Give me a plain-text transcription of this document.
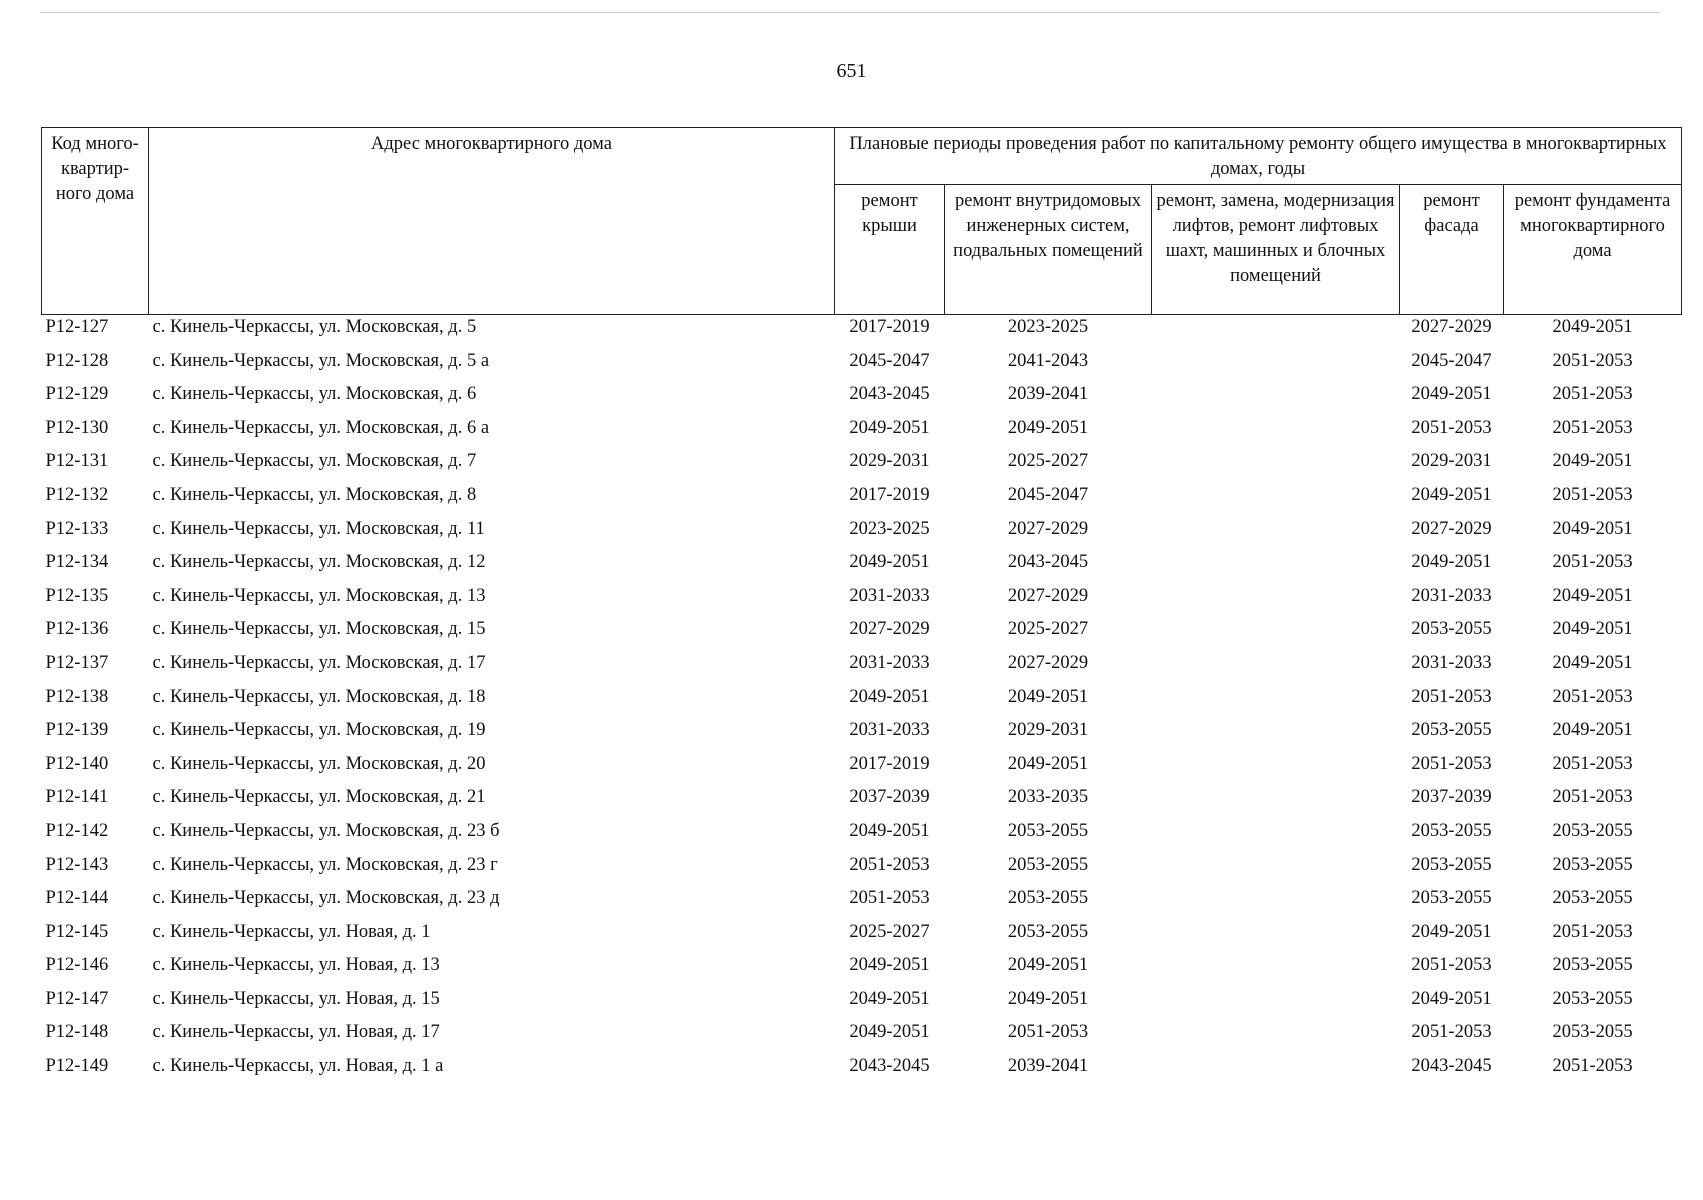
651
Код много-квартир-ного дома	Адрес многоквартирного дома	Плановые периоды проведения работ по капитальному ремонту общего имущества в многоквартирных домах, годы				
		ремонт крыши	ремонт внутридомовых инженерных систем, подвальных помещений	ремонт, замена, модернизация лифтов, ремонт лифтовых шахт, машинных и блочных помещений	ремонт фасада	ремонт фундамента многоквартирного дома
Р12-127	с. Кинель-Черкассы, ул. Московская, д. 5	2017-2019	2023-2025		2027-2029	2049-2051
Р12-128	с. Кинель-Черкассы, ул. Московская, д. 5 а	2045-2047	2041-2043		2045-2047	2051-2053
Р12-129	с. Кинель-Черкассы, ул. Московская, д. 6	2043-2045	2039-2041		2049-2051	2051-2053
Р12-130	с. Кинель-Черкассы, ул. Московская, д. 6 а	2049-2051	2049-2051		2051-2053	2051-2053
Р12-131	с. Кинель-Черкассы, ул. Московская, д. 7	2029-2031	2025-2027		2029-2031	2049-2051
Р12-132	с. Кинель-Черкассы, ул. Московская, д. 8	2017-2019	2045-2047		2049-2051	2051-2053
Р12-133	с. Кинель-Черкассы, ул. Московская, д. 11	2023-2025	2027-2029		2027-2029	2049-2051
Р12-134	с. Кинель-Черкассы, ул. Московская, д. 12	2049-2051	2043-2045		2049-2051	2051-2053
Р12-135	с. Кинель-Черкассы, ул. Московская, д. 13	2031-2033	2027-2029		2031-2033	2049-2051
Р12-136	с. Кинель-Черкассы, ул. Московская, д. 15	2027-2029	2025-2027		2053-2055	2049-2051
Р12-137	с. Кинель-Черкассы, ул. Московская, д. 17	2031-2033	2027-2029		2031-2033	2049-2051
Р12-138	с. Кинель-Черкассы, ул. Московская, д. 18	2049-2051	2049-2051		2051-2053	2051-2053
Р12-139	с. Кинель-Черкассы, ул. Московская, д. 19	2031-2033	2029-2031		2053-2055	2049-2051
Р12-140	с. Кинель-Черкассы, ул. Московская, д. 20	2017-2019	2049-2051		2051-2053	2051-2053
Р12-141	с. Кинель-Черкассы, ул. Московская, д. 21	2037-2039	2033-2035		2037-2039	2051-2053
Р12-142	с. Кинель-Черкассы, ул. Московская, д. 23 б	2049-2051	2053-2055		2053-2055	2053-2055
Р12-143	с. Кинель-Черкассы, ул. Московская, д. 23 г	2051-2053	2053-2055		2053-2055	2053-2055
Р12-144	с. Кинель-Черкассы, ул. Московская, д. 23 д	2051-2053	2053-2055		2053-2055	2053-2055
Р12-145	с. Кинель-Черкассы, ул. Новая, д. 1	2025-2027	2053-2055		2049-2051	2051-2053
Р12-146	с. Кинель-Черкассы, ул. Новая, д. 13	2049-2051	2049-2051		2051-2053	2053-2055
Р12-147	с. Кинель-Черкассы, ул. Новая, д. 15	2049-2051	2049-2051		2049-2051	2053-2055
Р12-148	с. Кинель-Черкассы, ул. Новая, д. 17	2049-2051	2051-2053		2051-2053	2053-2055
Р12-149	с. Кинель-Черкассы, ул. Новая, д. 1 а	2043-2045	2039-2041		2043-2045	2051-2053
